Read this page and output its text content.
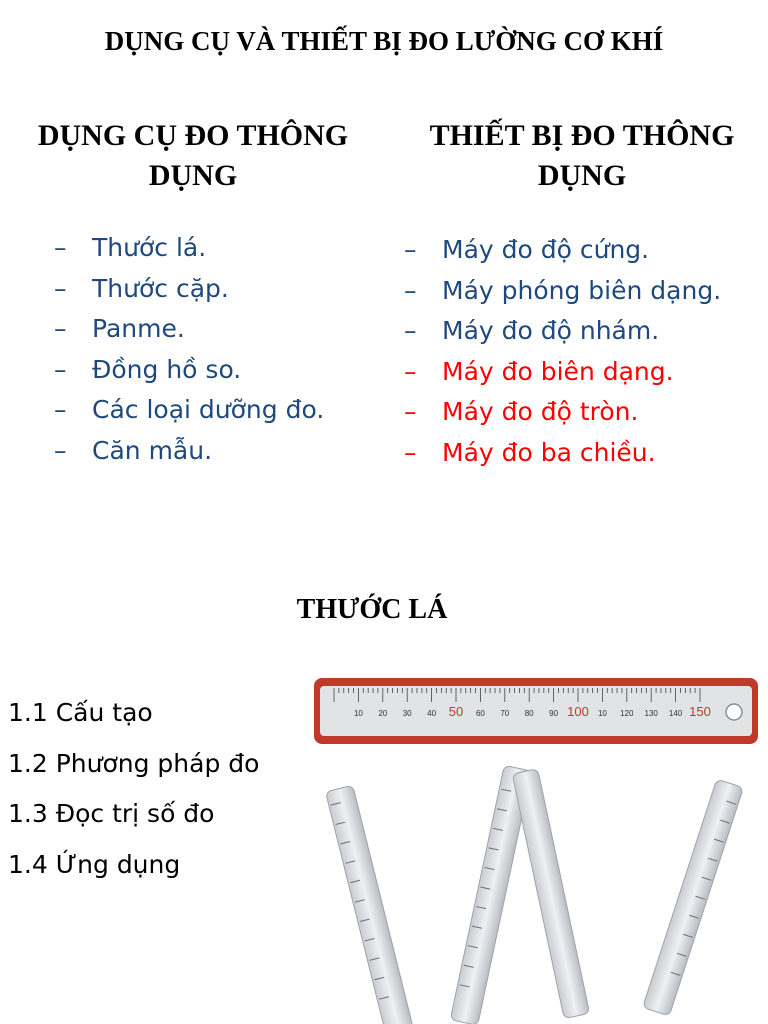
DỤNG CỤ VÀ THIẾT BỊ ĐO LƯỜNG CƠ KHÍ
DỤNG CỤ ĐO THÔNG
DỤNG
THIẾT BỊ ĐO THÔNG
DỤNG
– Thước lá.
– Thước cặp.
– Panme.
– Đồng hồ so.
– Các loại dưỡng đo.
– Căn mẫu.
– Máy đo độ cứng.
– Máy phóng biên dạng.
– Máy đo độ nhám.
– Máy đo biên dạng.
– Máy đo độ tròn.
– Máy đo ba chiều.
THƯỚC LÁ
1.1 Cấu tạo
1.2 Phương pháp đo
1.3 Đọc trị số đo
1.4 Ứng dụng
10 20 30 40 50 60 70 80 90 100 10 120 130 140 150
